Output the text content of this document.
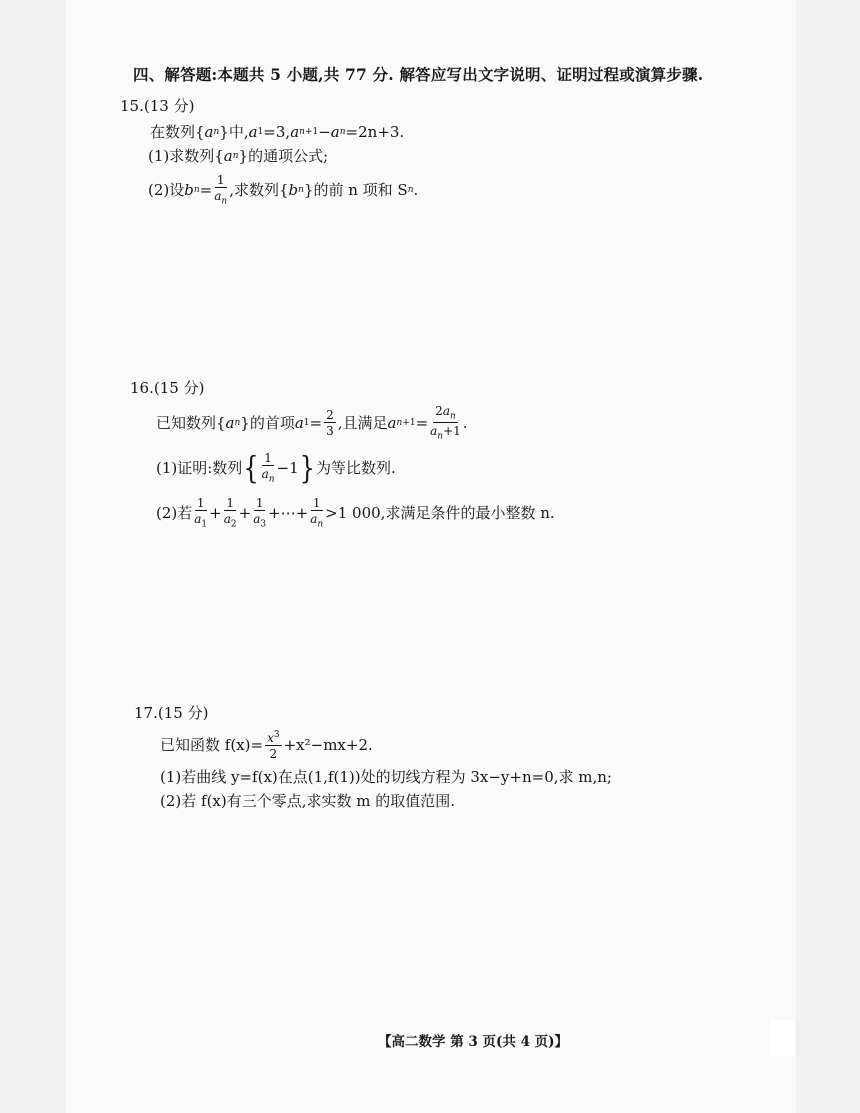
四、解答题:本题共 5 小题,共 77 分. 解答应写出文字说明、证明过程或演算步骤.
15. (13 分)
在数列{ a n }中, a 1 =3, a n+1 − a n =2n+3.
(1)求数列{ a n }的通项公式;
(2)设 b $n = \frac{1}{a_n}$ ,求数列{ b n }的前 n 项和 S n .
16. (15 分)
已知数列{ a n }的首项 a $1 = \frac{2}{3}$ ,且满足 a $n+1 = \frac{2a_n}{a_n+1}$ .
(1)证明:数列 { $\frac{1}{a_n} -1$ } 为等比数列.
(2)若 $\frac{1}{a_1} + \frac{1}{a_2} + \frac{1}{a_3}$ +⋯+ $\frac{1}{a_n} >1$ 000,求满足条件的最小整数 n.
17. (15 分)
已知函数 $f(x)= \frac{x^3}{2} +x^2-mx+2$.
(1)若曲线 y=f(x)在点(1,f(1))处的切线方程为 3x−y+n=0,求 m,n;
(2)若 f(x)有三个零点,求实数 m 的取值范围.
【高二数学 第 3 页(共 4 页)】
